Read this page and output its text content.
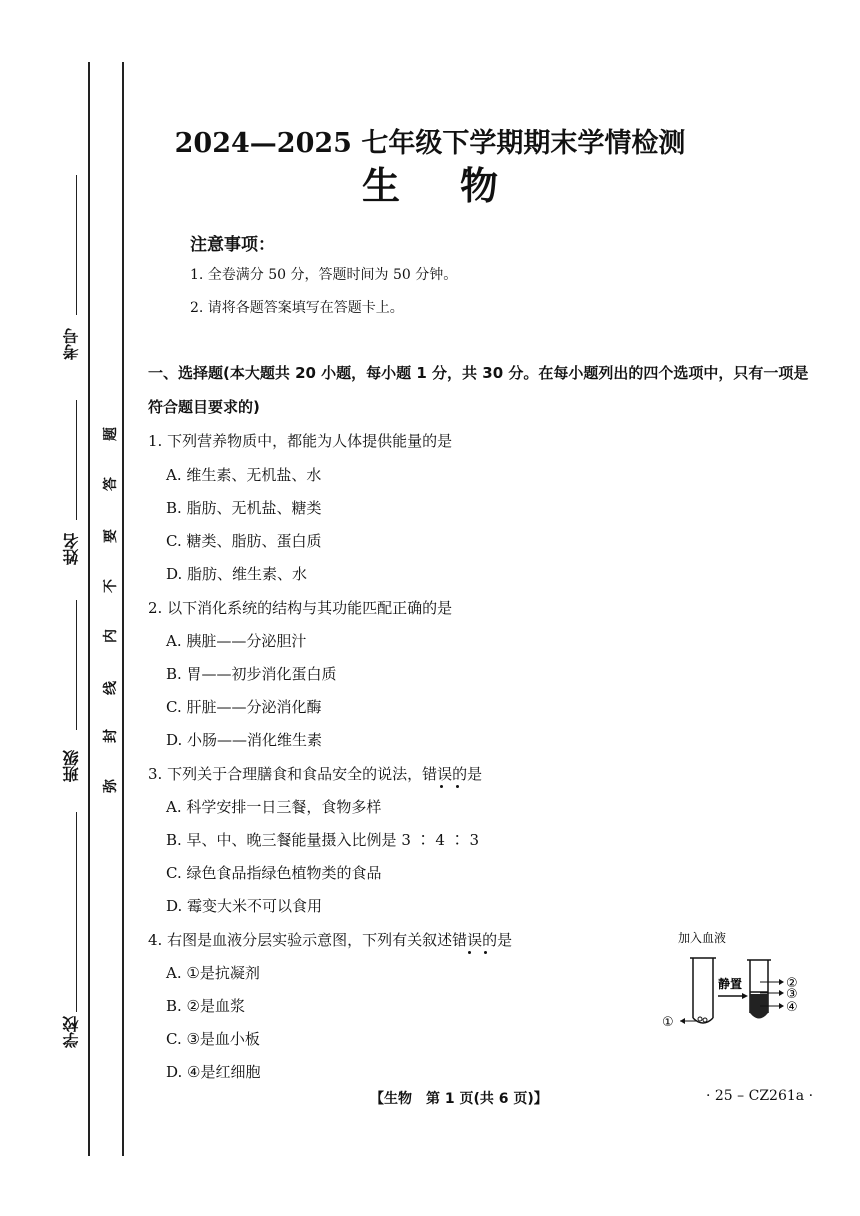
考号
姓名
班级
学校
弥
封
线
内
不
要
答
题
2024—2025 七年级下学期期末学情检测
生物
注意事项：
1. 全卷满分 50 分，答题时间为 50 分钟。
2. 请将各题答案填写在答题卡上。
一、选择题(本大题共 20 小题，每小题 1 分，共 30 分。在每小题列出的四个选项中，只有一项是符合题目要求的)
1. 下列营养物质中，都能为人体提供能量的是
A. 维生素、无机盐、水
B. 脂肪、无机盐、糖类
C. 糖类、脂肪、蛋白质
D. 脂肪、维生素、水
2. 以下消化系统的结构与其功能匹配正确的是
A. 胰脏——分泌胆汁
B. 胃——初步消化蛋白质
C. 肝脏——分泌消化酶
D. 小肠——消化维生素
3. 下列关于合理膳食和食品安全的说法，错误的是
A. 科学安排一日三餐，食物多样
B. 早、中、晚三餐能量摄入比例是 3 ∶ 4 ∶ 3
C. 绿色食品指绿色植物类的食品
D. 霉变大米不可以食用
4. 右图是血液分层实验示意图，下列有关叙述错误的是
A. ①是抗凝剂
B. ②是血浆
C. ③是血小板
D. ④是红细胞
加入血液
①
静置	②
③
④
【生物　第 1 页(共 6 页)】	· 25 – CZ261a ·
